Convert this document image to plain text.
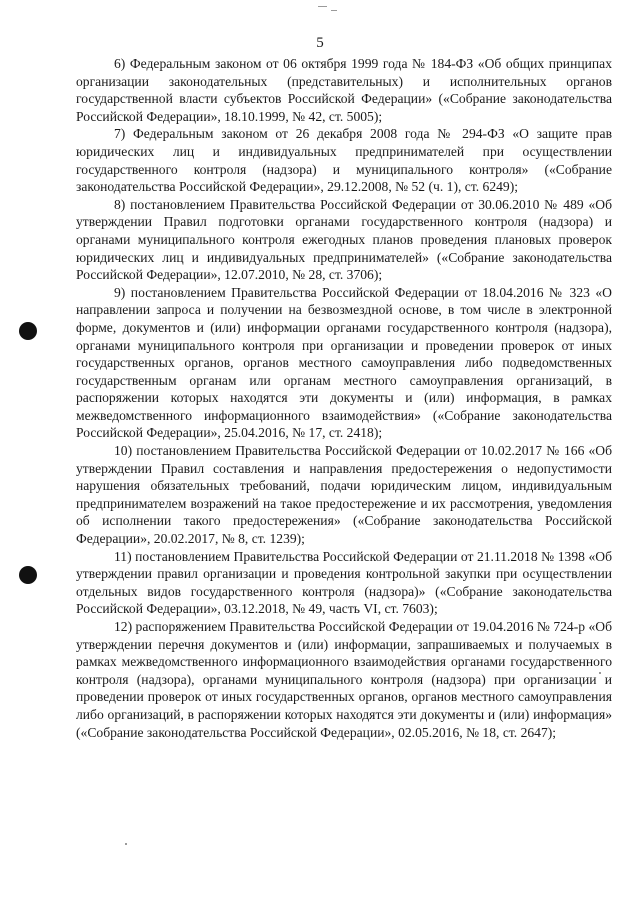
5

6) Федеральным законом от 06 октября 1999 года № 184-ФЗ «Об общих принципах организации законодательных (представительных) и исполнительных органов государственной власти субъектов Российской Федерации» («Собрание законодательства Российской Федерации», 18.10.1999, № 42, ст. 5005);

7) Федеральным законом от 26 декабря 2008 года № 294-ФЗ «О защите прав юридических лиц и индивидуальных предпринимателей при осуществлении государственного контроля (надзора) и муниципального контроля» («Собрание законодательства Российской Федерации», 29.12.2008, № 52 (ч. 1), ст. 6249);

8) постановлением Правительства Российской Федерации от 30.06.2010 № 489 «Об утверждении Правил подготовки органами государственного контроля (надзора) и органами муниципального контроля ежегодных планов проведения плановых проверок юридических лиц и индивидуальных предпринимателей» («Собрание законодательства Российской Федерации», 12.07.2010, № 28, ст. 3706);

9) постановлением Правительства Российской Федерации от 18.04.2016 № 323 «О направлении запроса и получении на безвозмездной основе, в том числе в электронной форме, документов и (или) информации органами государственного контроля (надзора), органами муниципального контроля при организации и проведении проверок от иных государственных органов, органов местного самоуправления либо подведомственных государственным органам или органам местного самоуправления организаций, в распоряжении которых находятся эти документы и (или) информация, в рамках межведомственного информационного взаимодействия» («Собрание законодательства Российской Федерации», 25.04.2016, № 17, ст. 2418);

10) постановлением Правительства Российской Федерации от 10.02.2017 № 166 «Об утверждении Правил составления и направления предостережения о недопустимости нарушения обязательных требований, подачи юридическим лицом, индивидуальным предпринимателем возражений на такое предостережение и их рассмотрения, уведомления об исполнении такого предостережения» («Собрание законодательства Российской Федерации», 20.02.2017, № 8, ст. 1239);

11) постановлением Правительства Российской Федерации от 21.11.2018 № 1398 «Об утверждении правил организации и проведения контрольной закупки при осуществлении отдельных видов государственного контроля (надзора)» («Собрание законодательства Российской Федерации», 03.12.2018, № 49, часть VI, ст. 7603);

12) распоряжением Правительства Российской Федерации от 19.04.2016 № 724-р «Об утверждении перечня документов и (или) информации, запрашиваемых и получаемых в рамках межведомственного информационного взаимодействия органами государственного контроля (надзора), органами муниципального контроля (надзора) при организации и проведении проверок от иных государственных органов, органов местного самоуправления либо организаций, в распоряжении которых находятся эти документы и (или) информация» («Собрание законодательства Российской Федерации», 02.05.2016, № 18, ст. 2647);
